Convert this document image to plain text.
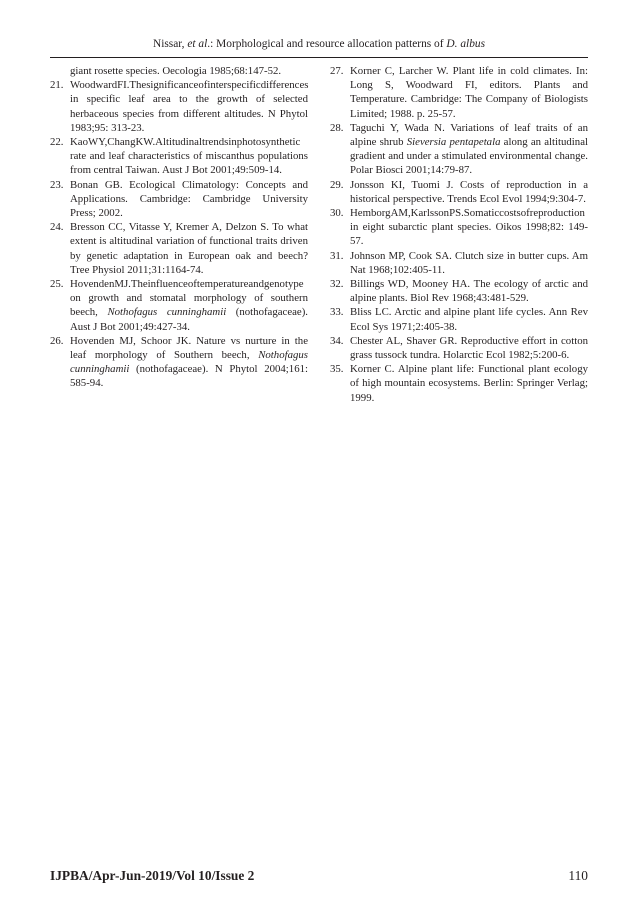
Nissar, et al.: Morphological and resource allocation patterns of D. albus
giant rosette species. Oecologia 1985;68:147-52.
21. WoodwardFI.Thesignificanceofinterspecificdifferences in specific leaf area to the growth of selected herbaceous species from different altitudes. N Phytol 1983;95: 313-23.
22. KaoWY,ChangKW.Altitudinaltrendsinphotosynthetic rate and leaf characteristics of miscanthus populations from central Taiwan. Aust J Bot 2001;49:509-14.
23. Bonan GB. Ecological Climatology: Concepts and Applications. Cambridge: Cambridge University Press; 2002.
24. Bresson CC, Vitasse Y, Kremer A, Delzon S. To what extent is altitudinal variation of functional traits driven by genetic adaptation in European oak and beech? Tree Physiol 2011;31:1164-74.
25. HovendenMJ.Theinfluenceoftemperatureandgenotype on growth and stomatal morphology of southern beech, Nothofagus cunninghamii (nothofagaceae). Aust J Bot 2001;49:427-34.
26. Hovenden MJ, Schoor JK. Nature vs nurture in the leaf morphology of Southern beech, Nothofagus cunninghamii (nothofagaceae). N Phytol 2004;161: 585-94.
27. Korner C, Larcher W. Plant life in cold climates. In: Long S, Woodward FI, editors. Plants and Temperature. Cambridge: The Company of Biologists Limited; 1988. p. 25-57.
28. Taguchi Y, Wada N. Variations of leaf traits of an alpine shrub Sieversia pentapetala along an altitudinal gradient and under a stimulated environmental change. Polar Biosci 2001;14:79-87.
29. Jonsson KI, Tuomi J. Costs of reproduction in a historical perspective. Trends Ecol Evol 1994;9:304-7.
30. HemborgAM,KarlssonPS.Somaticcostsofreproduction in eight subarctic plant species. Oikos 1998;82: 149-57.
31. Johnson MP, Cook SA. Clutch size in butter cups. Am Nat 1968;102:405-11.
32. Billings WD, Mooney HA. The ecology of arctic and alpine plants. Biol Rev 1968;43:481-529.
33. Bliss LC. Arctic and alpine plant life cycles. Ann Rev Ecol Sys 1971;2:405-38.
34. Chester AL, Shaver GR. Reproductive effort in cotton grass tussock tundra. Holarctic Ecol 1982;5:200-6.
35. Korner C. Alpine plant life: Functional plant ecology of high mountain ecosystems. Berlin: Springer Verlag; 1999.
IJPBA/Apr-Jun-2019/Vol 10/Issue 2	110
